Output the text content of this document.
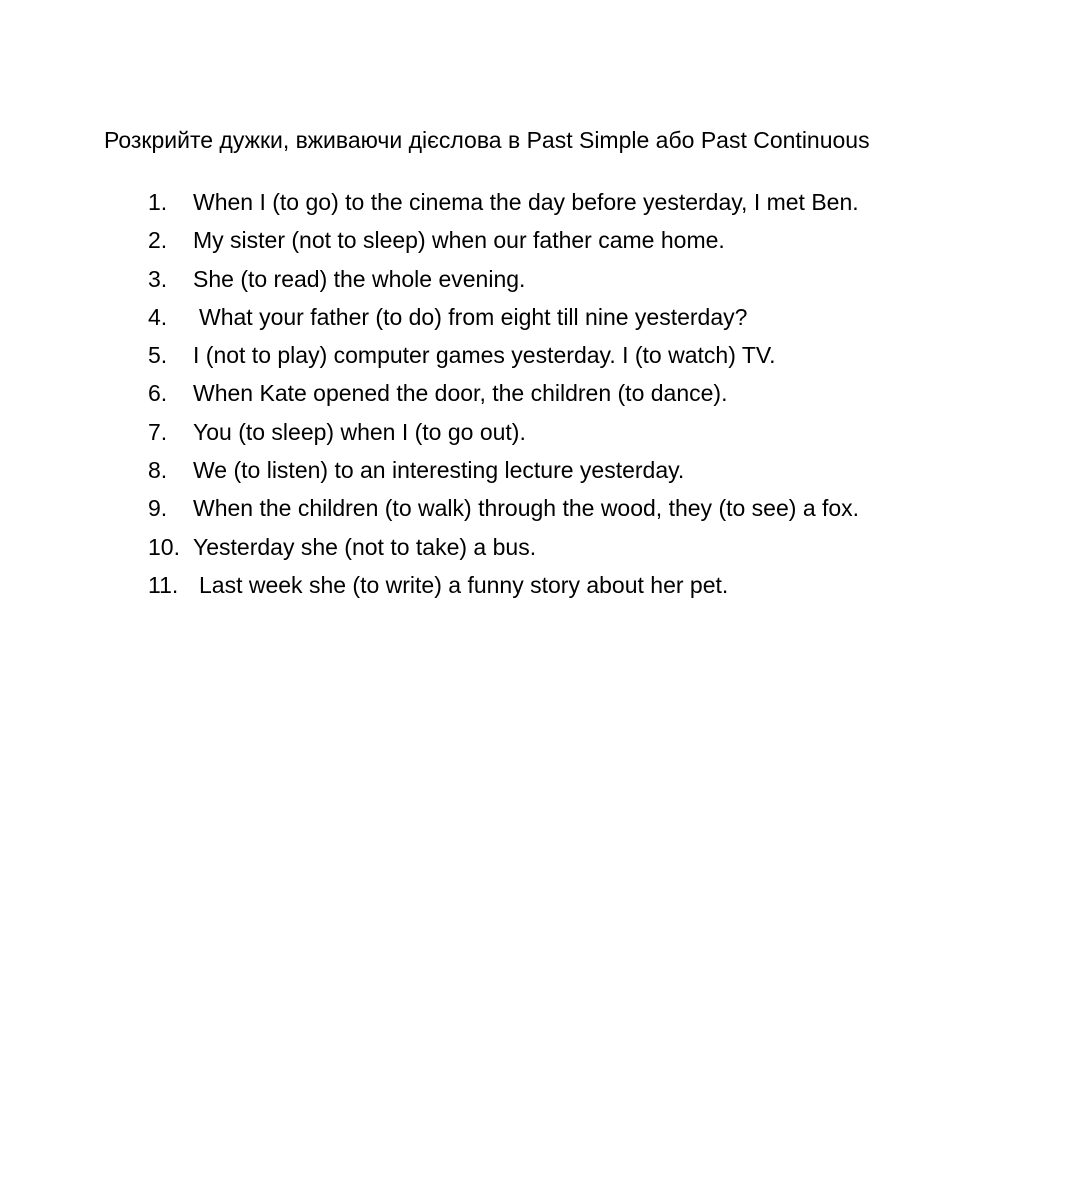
Розкрийте дужки, вживаючи дієслова в Past Simple або Past Continuous

1. When I (to go) to the cinema the day before yesterday, I met Ben.
2. My sister (not to sleep) when our father came home.
3. She (to read) the whole evening.
4. What your father (to do) from eight till nine yesterday?
5. I (not to play) computer games yesterday. I (to watch) TV.
6. When Kate opened the door, the children (to dance).
7. You (to sleep) when I (to go out).
8. We (to listen) to an interesting lecture yesterday.
9. When the children (to walk) through the wood, they (to see) a fox.
10. Yesterday she (not to take) a bus.
11. Last week she (to write) a funny story about her pet.
